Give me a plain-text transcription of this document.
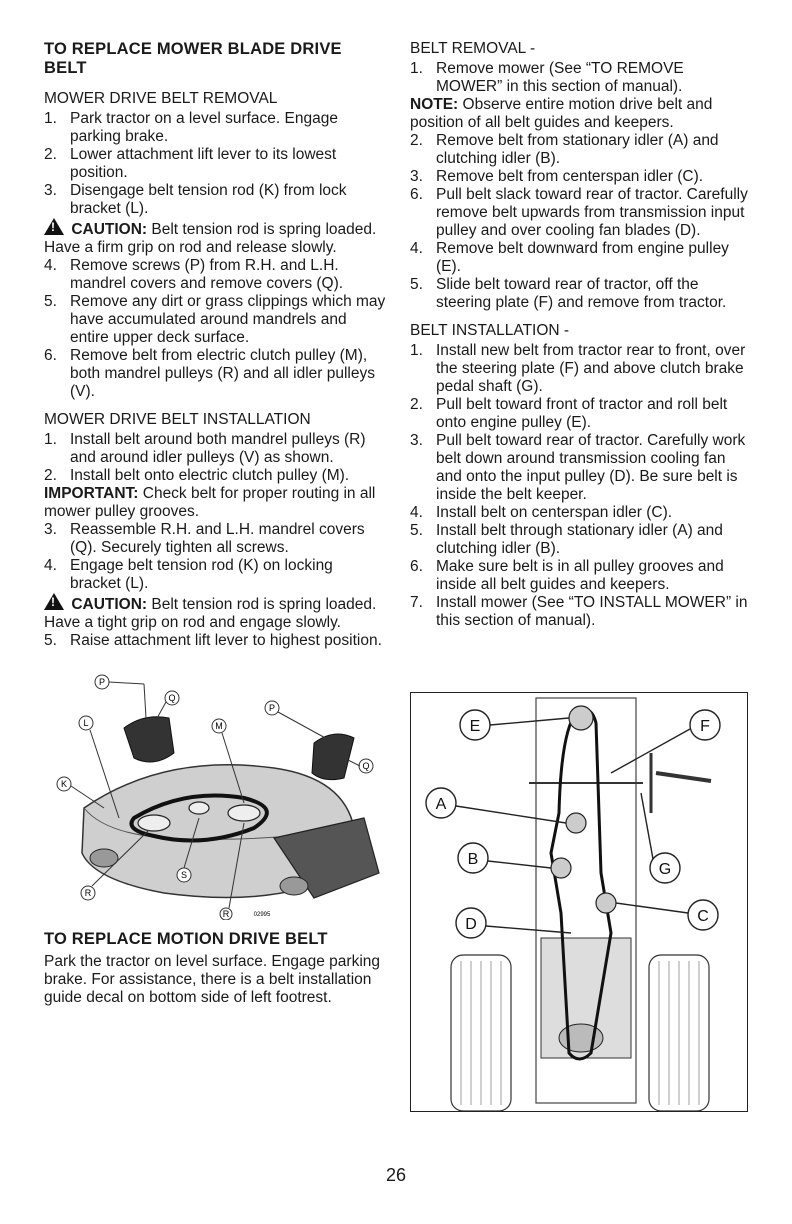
TO REPLACE MOWER BLADE DRIVE BELT

MOWER DRIVE BELT REMOVAL

1. Park tractor on a level surface. Engage parking brake.
2. Lower attachment lift lever to its lowest position.
3. Disengage belt tension rod (K) from lock bracket (L).

! CAUTION: Belt tension rod is spring loaded. Have a firm grip on rod and release slowly.

4. Remove screws (P) from R.H. and L.H. mandrel covers and remove covers (Q).
5. Remove any dirt or grass clippings which may have accumulated around mandrels and entire upper deck surface.
6. Remove belt from electric clutch pulley (M), both mandrel pulleys (R) and all idler pulleys (V).

MOWER DRIVE BELT INSTALLATION

1. Install belt around both mandrel pulleys (R) and around idler pulleys (V) as shown.
2. Install belt onto electric clutch pulley (M).

IMPORTANT: Check belt for proper routing in all mower pulley grooves.

3. Reassemble R.H. and L.H. mandrel covers (Q). Securely tighten all screws.
4. Engage belt tension rod (K) on locking bracket (L).

! CAUTION: Belt tension rod is spring loaded. Have a tight grip on rod and engage slowly.

5. Raise attachment lift lever to highest position.
P
Q
P
L	M
Q
K
S
R
R	02995

TO REPLACE MOTION DRIVE BELT

Park the tractor on level surface. Engage parking brake. For assistance, there is a belt installation guide decal on bottom side of left footrest.

BELT REMOVAL -

1. Remove mower (See “TO REMOVE MOWER” in this section of manual).

NOTE: Observe entire motion drive belt and position of all belt guides and keepers.

2. Remove belt from stationary idler (A) and clutching idler (B).
3. Remove belt from centerspan idler (C).
6. Pull belt slack toward rear of tractor. Carefully remove belt upwards from transmission input pulley and over cooling fan blades (D).
4. Remove belt downward from engine pulley (E).
5. Slide belt toward rear of tractor, off the steering plate (F) and remove from tractor.

BELT INSTALLATION -

1. Install new belt from tractor rear to front, over the steering plate (F) and above clutch brake pedal shaft (G).
2. Pull belt toward front of tractor and roll belt onto engine pulley (E).
3. Pull belt toward rear of tractor. Carefully work belt down around transmission cooling fan and onto the input pulley (D). Be sure belt is inside the belt keeper.
4. Install belt on centerspan idler (C).
5. Install belt through stationary idler (A) and clutching idler (B).
6. Make sure belt is in all pulley grooves and inside all belt guides and keepers.
7. Install mower (See “TO INSTALL MOWER” in this section of manual).
E	F
A
B
G
D	C
26
